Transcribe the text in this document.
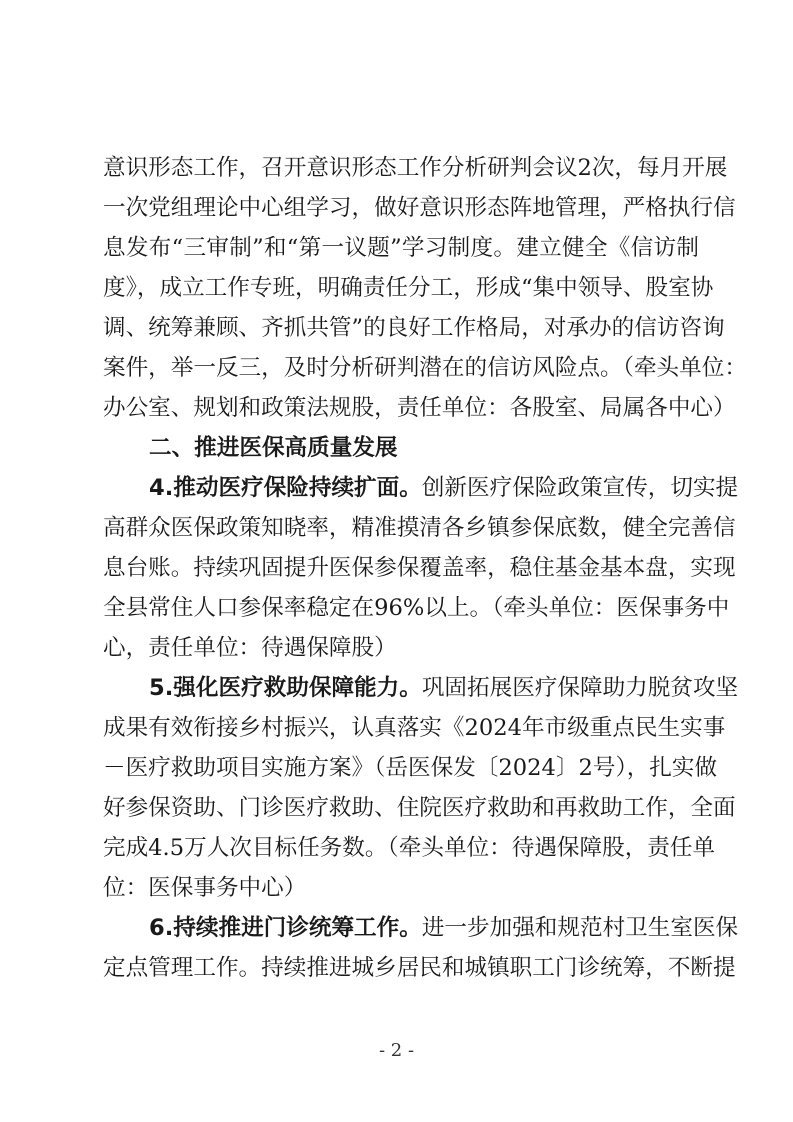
意识形态工作，召开意识形态工作分析研判会议2次，每月开展
一次党组理论中心组学习，做好意识形态阵地管理，严格执行信
息发布“三审制”和“第一议题”学习制度。建立健全《信访制
度》，成立工作专班，明确责任分工，形成“集中领导、股室协
调、统筹兼顾、齐抓共管”的良好工作格局，对承办的信访咨询
案件，举一反三，及时分析研判潜在的信访风险点。（牵头单位：
办公室、规划和政策法规股，责任单位：各股室、局属各中心）
二、推进医保高质量发展
4.推动医疗保险持续扩面。创新医疗保险政策宣传，切实提
高群众医保政策知晓率，精准摸清各乡镇参保底数，健全完善信
息台账。持续巩固提升医保参保覆盖率，稳住基金基本盘，实现
全县常住人口参保率稳定在96%以上。（牵头单位：医保事务中
心，责任单位：待遇保障股）
5.强化医疗救助保障能力。巩固拓展医疗保障助力脱贫攻坚
成果有效衔接乡村振兴，认真落实《2024年市级重点民生实事
－医疗救助项目实施方案》（岳医保发〔2024〕2号），扎实做
好参保资助、门诊医疗救助、住院医疗救助和再救助工作，全面
完成4.5万人次目标任务数。（牵头单位：待遇保障股，责任单
位：医保事务中心）
6.持续推进门诊统筹工作。进一步加强和规范村卫生室医保
定点管理工作。持续推进城乡居民和城镇职工门诊统筹，不断提
- 2 -
